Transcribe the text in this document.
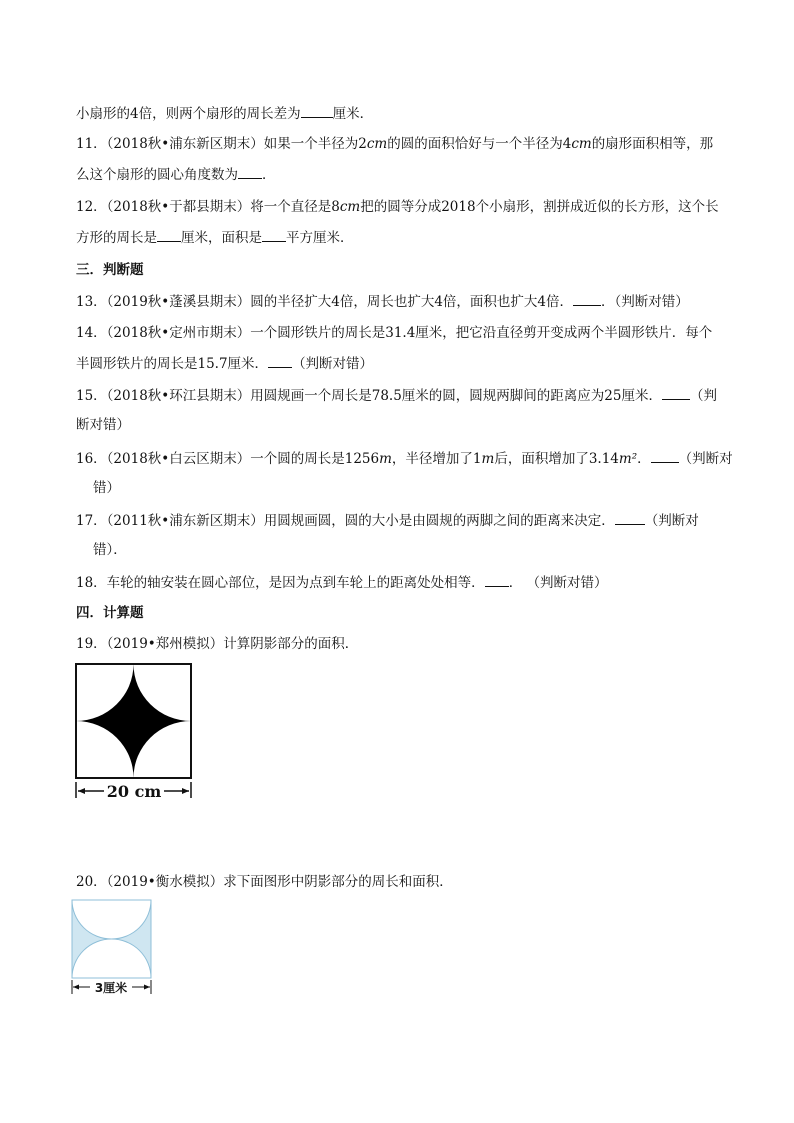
小扇形的4倍，则两个扇形的周长差为 厘米．
11．（2018秋•浦东新区期末）如果一个半径为2cm的圆的面积恰好与一个半径为4cm的扇形面积相等，那
么这个扇形的圆心角度数为 ．
12．（2018秋•于都县期末）将一个直径是8cm把的圆等分成2018个小扇形，割拼成近似的长方形，这个长
方形的周长是 厘米，面积是 平方厘米．
三．判断题
13．（2019秋•蓬溪县期末）圆的半径扩大4倍，周长也扩大4倍，面积也扩大4倍． ．（判断对错）
14．（2018秋•定州市期末）一个圆形铁片的周长是31.4厘米，把它沿直径剪开变成两个半圆形铁片．每个
半圆形铁片的周长是15.7厘米． （判断对错）
15．（2018秋•环江县期末）用圆规画一个周长是78.5厘米的圆，圆规两脚间的距离应为25厘米． （判
断对错）
16．（2018秋•白云区期末）一个圆的周长是1256m，半径增加了1m后，面积增加了3.14m²． （判断对
错）
17．（2011秋•浦东新区期末）用圆规画圆，圆的大小是由圆规的两脚之间的距离来决定． （判断对
错）．
18．车轮的轴安装在圆心部位，是因为点到车轮上的距离处处相等． ． （判断对错）
四．计算题
19．（2019•郑州模拟）计算阴影部分的面积．
20 cm
20．（2019•衡水模拟）求下面图形中阴影部分的周长和面积．
3厘米
